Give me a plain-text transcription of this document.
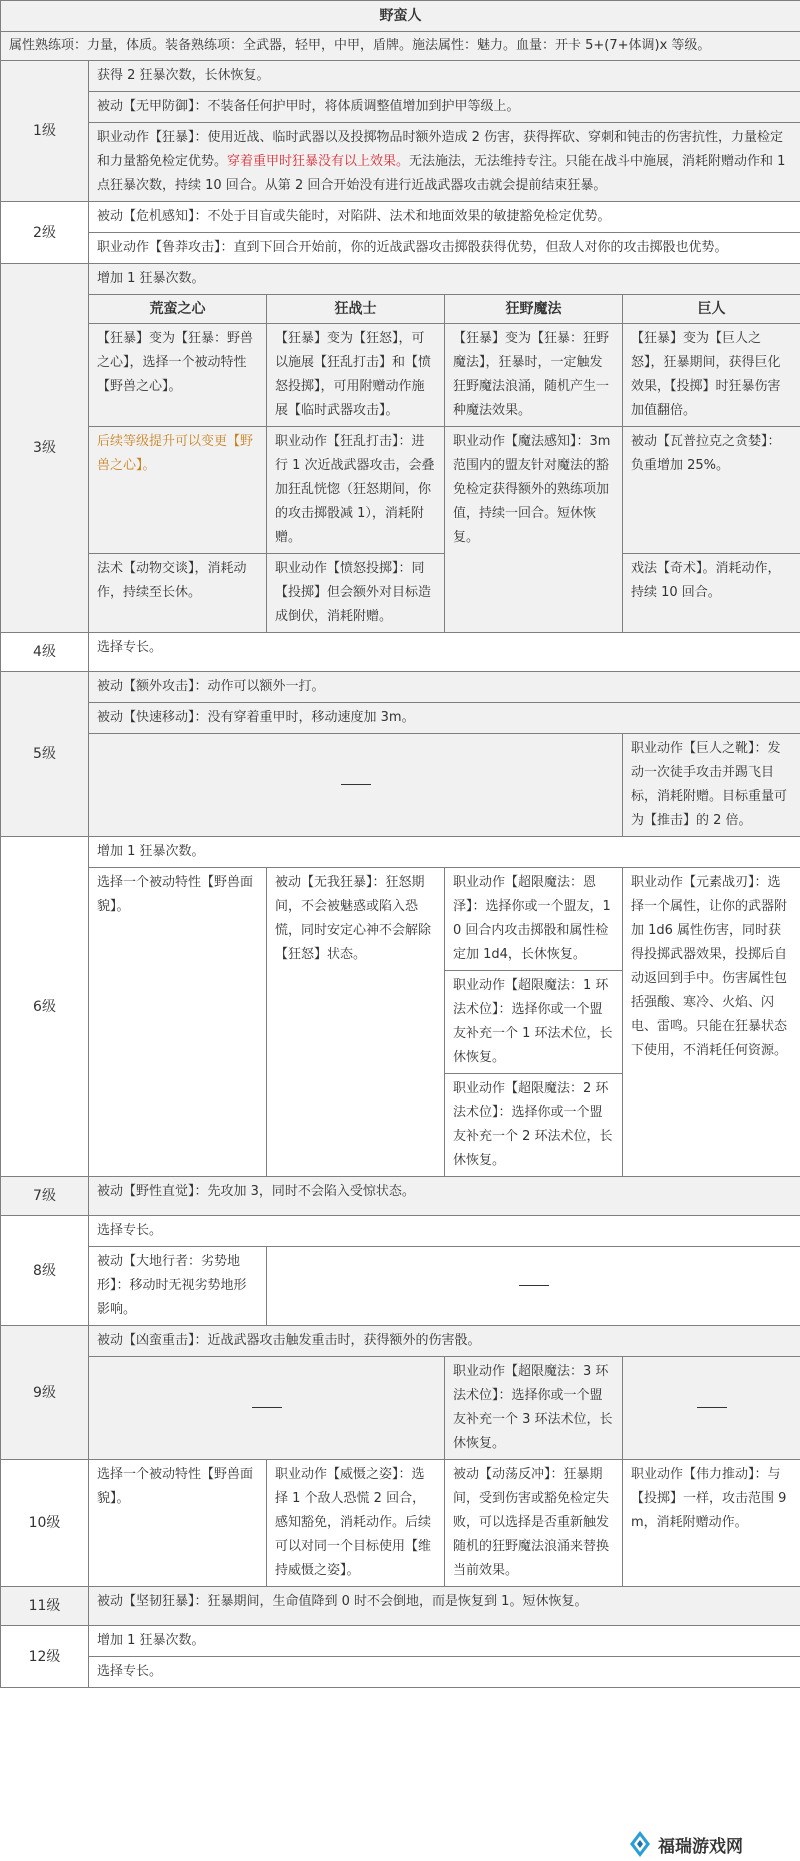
野蛮人				
属性熟练项：力量，体质。装备熟练项：全武器，轻甲，中甲，盾牌。施法属性：魅力。血量：开卡 5+(7+体调)x 等级。				
1级	获得 2 狂暴次数，长休恢复。			
	被动【无甲防御】：不装备任何护甲时，将体质调整值增加到护甲等级上。			
	职业动作【狂暴】：使用近战、临时武器以及投掷物品时额外造成 2 伤害，获得挥砍、穿刺和钝击的伤害抗性，力量检定和力量豁免检定优势。穿着重甲时狂暴没有以上效果。无法施法，无法维持专注。只能在战斗中施展，消耗附赠动作和 1 点狂暴次数，持续 10 回合。从第 2 回合开始没有进行近战武器攻击就会提前结束狂暴。			
2级	被动【危机感知】：不处于目盲或失能时，对陷阱、法术和地面效果的敏捷豁免检定优势。			
	职业动作【鲁莽攻击】：直到下回合开始前，你的近战武器攻击掷骰获得优势，但敌人对你的攻击掷骰也优势。			
3级	增加 1 狂暴次数。			
	荒蛮之心	狂战士	狂野魔法	巨人
	【狂暴】变为【狂暴：野兽之心】，选择一个被动特性【野兽之心】。	【狂暴】变为【狂怒】，可以施展【狂乱打击】和【愤怒投掷】，可用附赠动作施展【临时武器攻击】。	【狂暴】变为【狂暴：狂野魔法】，狂暴时，一定触发狂野魔法浪涌，随机产生一种魔法效果。	【狂暴】变为【巨人之怒】，狂暴期间，获得巨化效果，【投掷】时狂暴伤害加值翻倍。
	后续等级提升可以变更【野兽之心】。	职业动作【狂乱打击】：进行 1 次近战武器攻击，会叠加狂乱恍惚（狂怒期间，你的攻击掷骰减 1），消耗附赠。	职业动作【魔法感知】：3m 范围内的盟友针对魔法的豁免检定获得额外的熟练项加值，持续一回合。短休恢复。	被动【瓦普拉克之贪婪】：负重增加 25%。
	法术【动物交谈】，消耗动作，持续至长休。	职业动作【愤怒投掷】：同【投掷】但会额外对目标造成倒伏，消耗附赠。		戏法【奇术】。消耗动作，持续 10 回合。
4级	选择专长。			
5级	被动【额外攻击】：动作可以额外一打。			
	被动【快速移动】：没有穿着重甲时，移动速度加 3m。			
				职业动作【巨人之靴】：发动一次徒手攻击并踢飞目标，消耗附赠。目标重量可为【推击】的 2 倍。
6级	增加 1 狂暴次数。			
	选择一个被动特性【野兽面貌】。	被动【无我狂暴】：狂怒期间，不会被魅惑或陷入恐慌，同时安定心神不会解除【狂怒】状态。	职业动作【超限魔法：恩泽】：选择你或一个盟友，10 回合内攻击掷骰和属性检定加 1d4，长休恢复。	职业动作【元素战刃】：选择一个属性，让你的武器附加 1d6 属性伤害，同时获得投掷武器效果，投掷后自动返回到手中。伤害属性包括强酸、寒冷、火焰、闪电、雷鸣。只能在狂暴状态下使用，不消耗任何资源。
			职业动作【超限魔法：1 环法术位】：选择你或一个盟友补充一个 1 环法术位，长休恢复。	
			职业动作【超限魔法：2 环法术位】：选择你或一个盟友补充一个 2 环法术位，长休恢复。	
7级	被动【野性直觉】：先攻加 3，同时不会陷入受惊状态。			
8级	选择专长。			
	被动【大地行者：劣势地形】：移动时无视劣势地形影响。			
9级	被动【凶蛮重击】：近战武器攻击触发重击时，获得额外的伤害骰。			
			职业动作【超限魔法：3 环法术位】：选择你或一个盟友补充一个 3 环法术位，长休恢复。	
10级	选择一个被动特性【野兽面貌】。	职业动作【威慑之姿】：选择 1 个敌人恐慌 2 回合，感知豁免，消耗动作。后续可以对同一个目标使用【维持威慑之姿】。	被动【动荡反冲】：狂暴期间，受到伤害或豁免检定失败，可以选择是否重新触发随机的狂野魔法浪涌来替换当前效果。	职业动作【伟力推动】：与【投掷】一样，攻击范围 9m，消耗附赠动作。
11级	被动【坚韧狂暴】：狂暴期间，生命值降到 0 时不会倒地，而是恢复到 1。短休恢复。			
12级	增加 1 狂暴次数。			
	选择专长。			
福瑞游戏网
